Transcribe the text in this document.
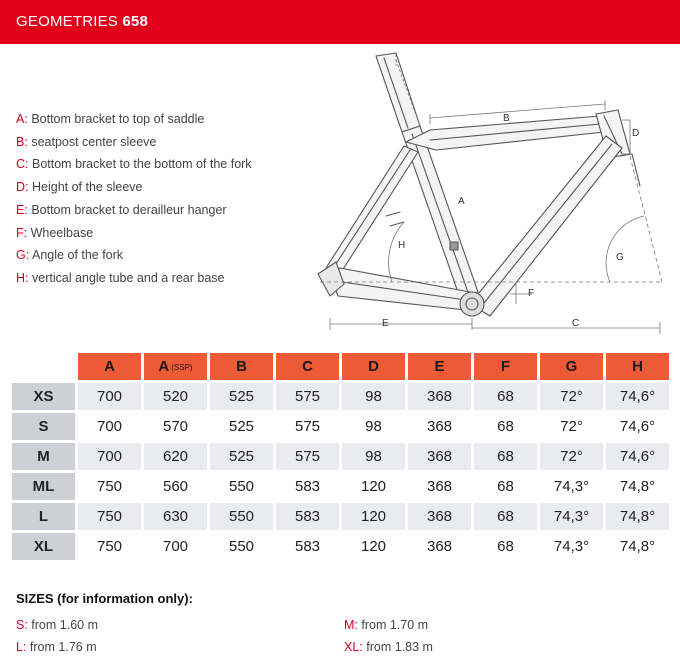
GEOMETRIES 658
A: Bottom bracket to top of saddle
B: seatpost center sleeve
C: Bottom bracket to the bottom of the fork
D: Height of the sleeve
E: Bottom bracket to derailleur hanger
F: Wheelbase
G: Angle of the fork
H: vertical angle tube and a rear base
B
D
A
H
G
F
E	C
	A	A (SSP)	B	C	D	E	F	G	H
XS	700	520	525	575	98	368	68	72°	74,6°
S	700	570	525	575	98	368	68	72°	74,6°
M	700	620	525	575	98	368	68	72°	74,6°
ML	750	560	550	583	120	368	68	74,3°	74,8°
L	750	630	550	583	120	368	68	74,3°	74,8°
XL	750	700	550	583	120	368	68	74,3°	74,8°
SIZES (for information only):
S: from 1.60 m	M: from 1.70 m
L: from 1.76 m	XL: from 1.83 m
